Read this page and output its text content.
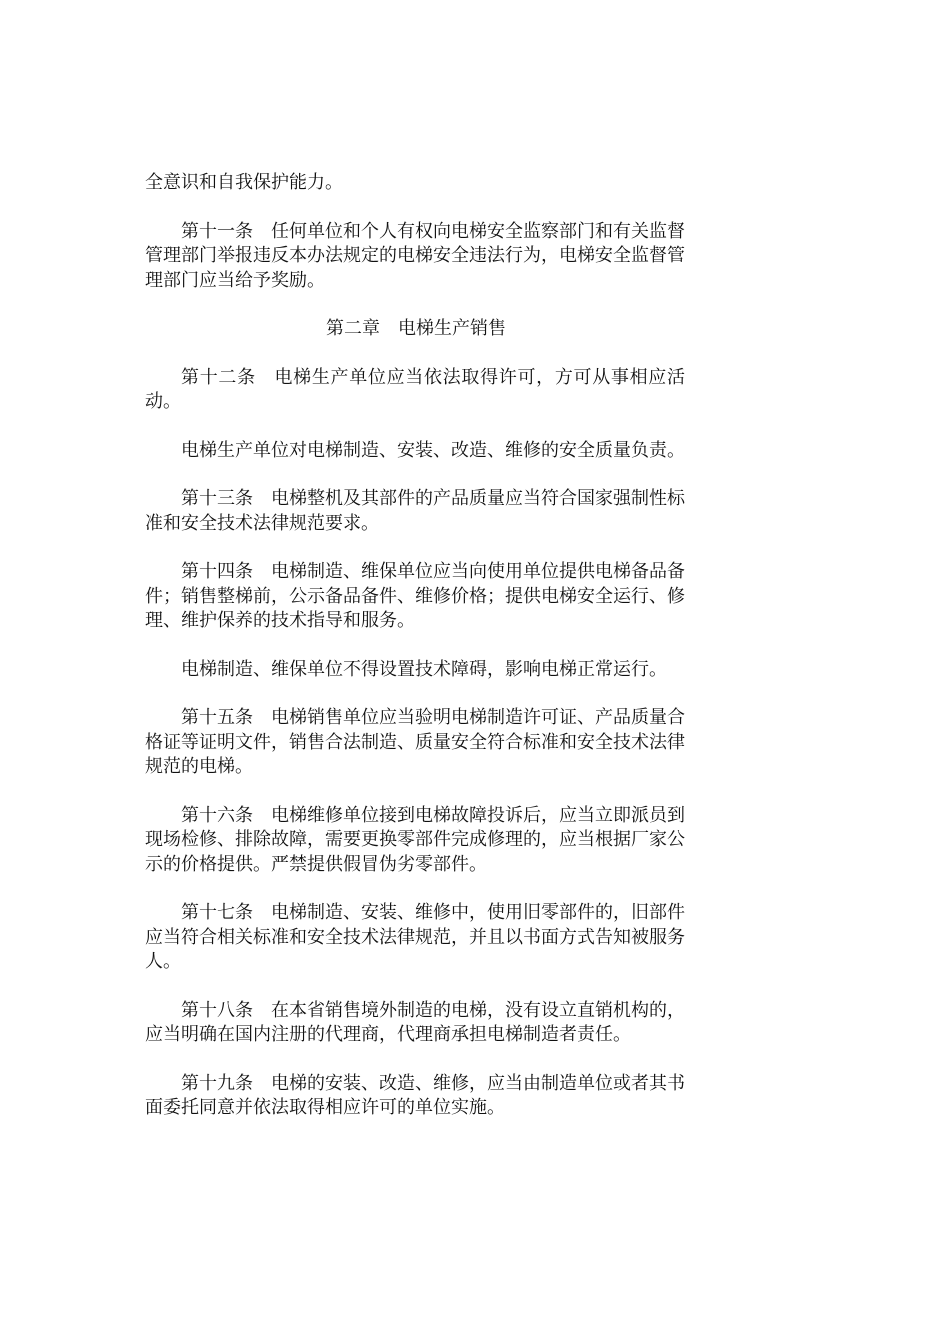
全意识和自我保护能力。

第十一条　任何单位和个人有权向电梯安全监察部门和有关监督管理部门举报违反本办法规定的电梯安全违法行为，电梯安全监督管理部门应当给予奖励。

第二章　电梯生产销售

第十二条　电梯生产单位应当依法取得许可，方可从事相应活动。

电梯生产单位对电梯制造、安装、改造、维修的安全质量负责。

第十三条　电梯整机及其部件的产品质量应当符合国家强制性标准和安全技术法律规范要求。

第十四条　电梯制造、维保单位应当向使用单位提供电梯备品备件；销售整梯前，公示备品备件、维修价格；提供电梯安全运行、修理、维护保养的技术指导和服务。

电梯制造、维保单位不得设置技术障碍，影响电梯正常运行。

第十五条　电梯销售单位应当验明电梯制造许可证、产品质量合格证等证明文件，销售合法制造、质量安全符合标准和安全技术法律规范的电梯。

第十六条　电梯维修单位接到电梯故障投诉后，应当立即派员到现场检修、排除故障，需要更换零部件完成修理的，应当根据厂家公示的价格提供。严禁提供假冒伪劣零部件。

第十七条　电梯制造、安装、维修中，使用旧零部件的，旧部件应当符合相关标准和安全技术法律规范，并且以书面方式告知被服务人。

第十八条　在本省销售境外制造的电梯，没有设立直销机构的，应当明确在国内注册的代理商，代理商承担电梯制造者责任。

第十九条　电梯的安装、改造、维修，应当由制造单位或者其书面委托同意并依法取得相应许可的单位实施。
